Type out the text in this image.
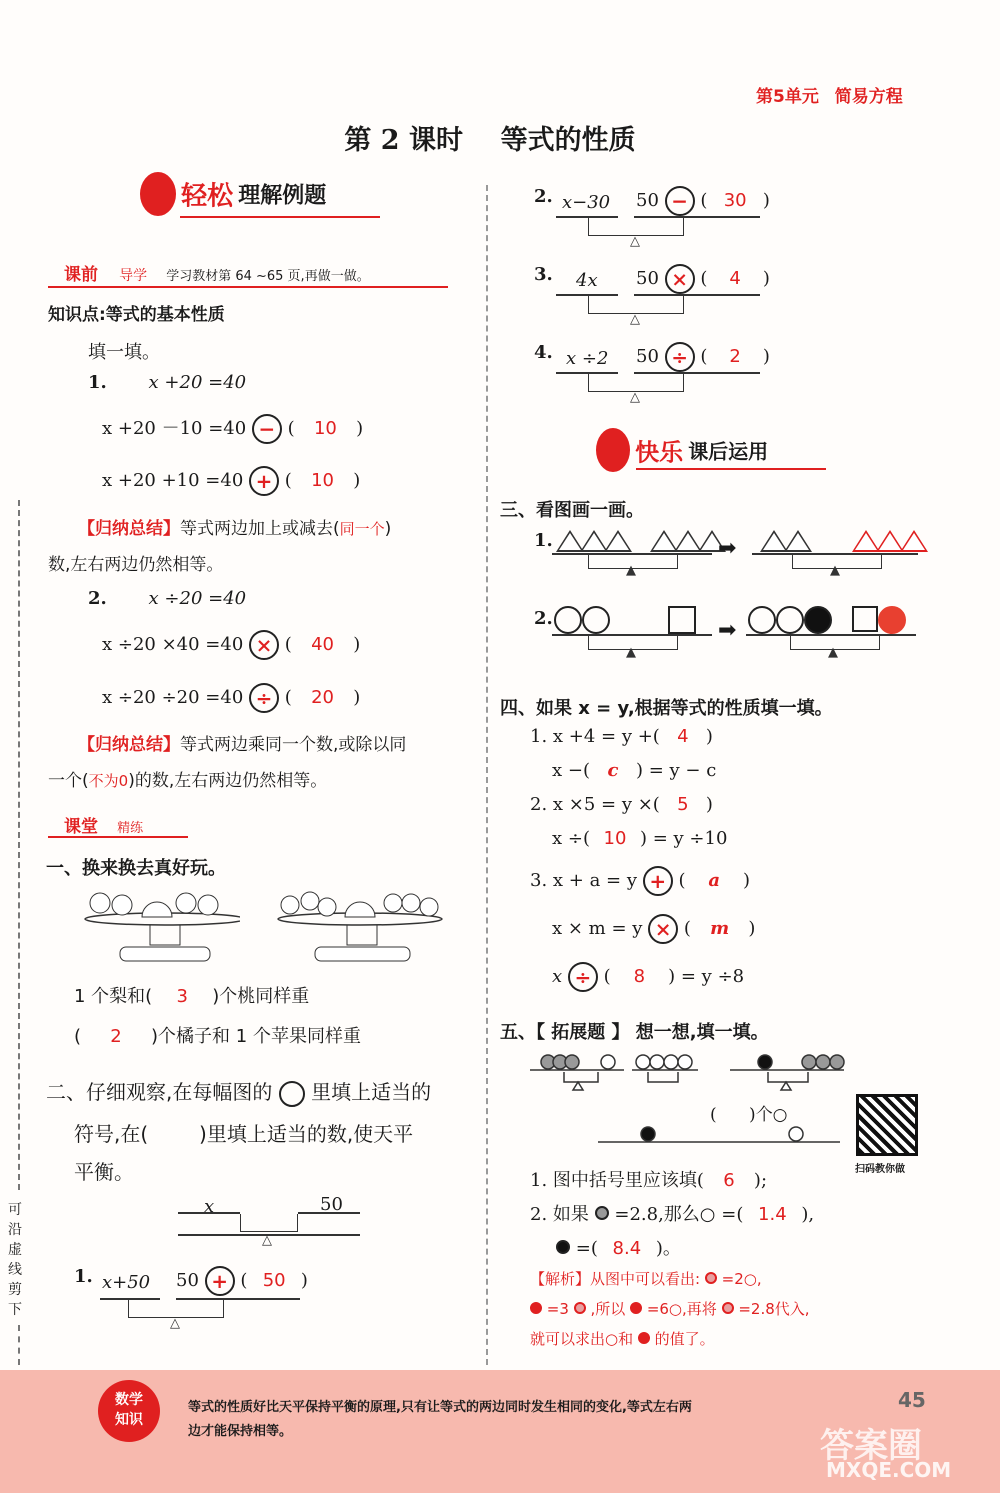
第5单元 简易方程
第 2 课时    等式的性质
可沿虚线剪下
轻松 理解例题
课前 导学 学习教材第 64 ~65 页,再做一做。
知识点:等式的基本性质
填一填。
1. x +20 =40
x +20 －10 =40 − ( 10 )
x +20 +10 =40 + ( 10 )
【归纳总结】等式两边加上或减去(同一个)
数,左右两边仍然相等。
2. x ÷20 =40
x ÷20 ×40 =40 × ( 40 )
x ÷20 ÷20 =40 ÷ ( 20 )
【归纳总结】等式两边乘同一个数,或除以同
一个(不为0)的数,左右两边仍然相等。
课堂 精练
一、换来换去真好玩。
1 个梨和( 3 )个桃同样重
( 2 )个橘子和 1 个苹果同样重
二、仔细观察,在每幅图的 里填上适当的
符号,在(        )里填上适当的数,使天平
平衡。
x	50
△
1. x+50 50 + ( 50 )
△
2. x−30 50 − ( 30 )
△
3. 4x 50 × ( 4 )
△
4. x ÷2 50 ÷ ( 2 )
△
快乐 课后运用
三、看图画一画。
1.
▲
➡
▲
2.
▲
➡
▲
四、如果 x = y,根据等式的性质填一填。
1. x +4 = y +( 4 )
x −( c ) = y − c
2. x ×5 = y ×( 5 )
x ÷( 10 ) = y ÷10
3. x + a = y + ( a )
x × m = y × ( m )
x ÷ ( 8 ) = y ÷8
五、【 拓展题 】 想一想,填一填。
(      )个○
扫码教你做
1. 图中括号里应该填( 6 );
2. 如果 =2.8,那么○ =( 1.4 ),
=( 8.4 )。
【解析】从图中可以看出: =2○,
=3 ,所以 =6○,再将 =2.8代入,
就可以求出○和 的值了。
数学
知识
等式的性质好比天平保持平衡的原理,只有让等式的两边同时发生相同的变化,等式左右两
边才能保持相等。
45
答案圈
MXQE.COM
